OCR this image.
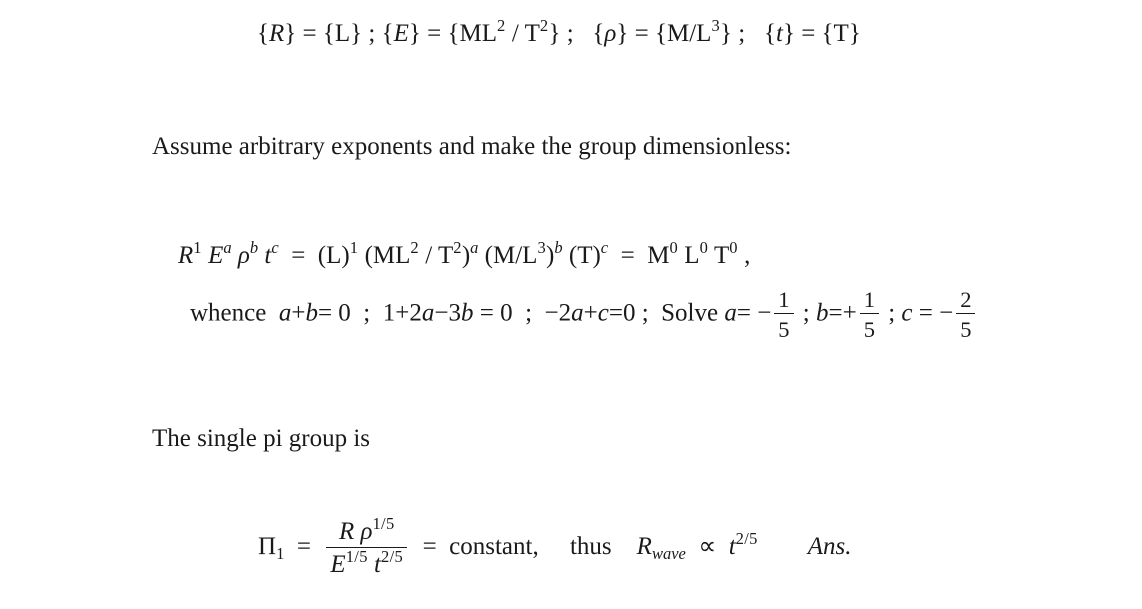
{R} = {L} ; $\{E\} = \{ML^2 / T^2\}$ ;   $\{\rho\} = \{M/L^3\}$ ;   {t} = {T}
Assume arbitrary exponents and make the group dimensionless:
$R^1$ $E^a$ $\rho^b$ $t^c = (L)^1$ $(ML^2 / T^2)^a$ $(M/L^3)^b$ $(T)^c = M^0$ $L^0$ $T^0$ ,
whence  a+b= 0  ;  1+2a−3b = 0  ;  −2a+c=0 ;  Solve $a= - \frac{1}{5}$ ; $b=+ \frac{1}{5}$ ; c = − $\frac{2}{5}$
The single pi group is
$\Pi 1 = \frac{R \rho^{1/5}}{E^{1/5} t^{2/5}}$ =  constant,     thus    Rwave  ∝  $t^{2/5}$ Ans.
